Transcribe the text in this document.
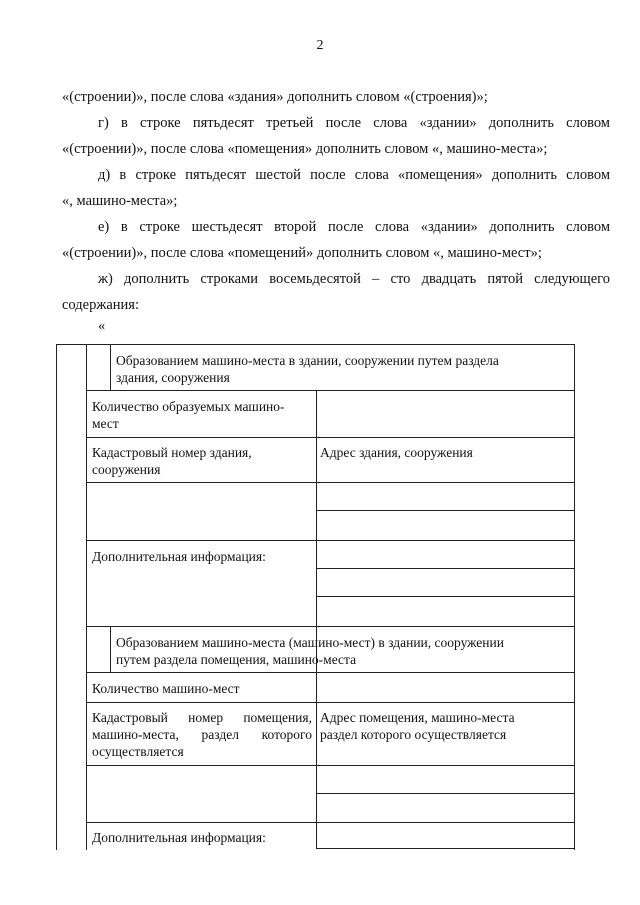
2

«(строении)», после слова «здания» дополнить словом «(строения)»;

г) в строке пятьдесят третьей после слова «здании» дополнить словом
«(строении)», после слова «помещения» дополнить словом «, машино-места»;

д) в строке пятьдесят шестой после слова «помещения» дополнить словом
«, машино-места»;

е) в строке шестьдесят второй после слова «здании» дополнить словом
«(строении)», после слова «помещений» дополнить словом «, машино-мест»;

ж) дополнить строками восемьдесятой – сто двадцать пятой следующего
содержания:

«
Образованием машино-места в здании, сооружении путем раздела
здания, сооружения
Количество образуемых машино-
мест
Кадастровый номер здания,
сооружения
Адрес здания, сооружения
Дополнительная информация:
Образованием машино-места (машино-мест) в здании, сооружении
путем раздела помещения, машино-места
Количество машино-мест
Кадастровый номер помещения,
машино-места, раздел которого
осуществляется
Адрес помещения, машино-места
раздел которого осуществляется
Дополнительная информация:
